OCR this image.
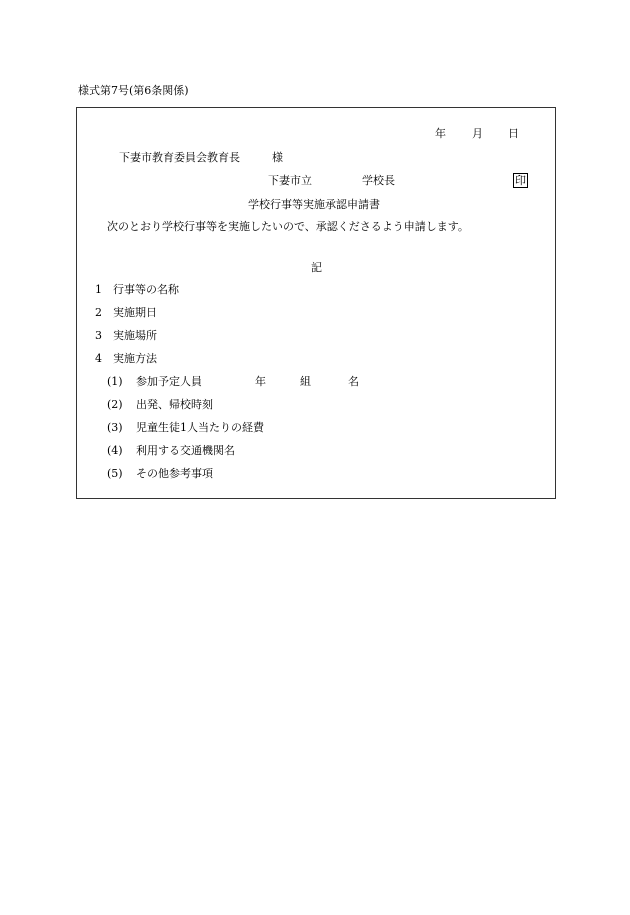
様式第7号(第6条関係)
年 月 日
下妻市教育委員会教育長	様
下妻市立	学校長	印
学校行事等実施承認申請書
次のとおり学校行事等を実施したいので、承認くださるよう申請します。
記
1 行事等の名称
2 実施期日
3 実施場所
4 実施方法
(1) 参加予定人員	年	組	名
(2) 出発、帰校時刻
(3) 児童生徒1人当たりの経費
(4) 利用する交通機関名
(5) その他参考事項
